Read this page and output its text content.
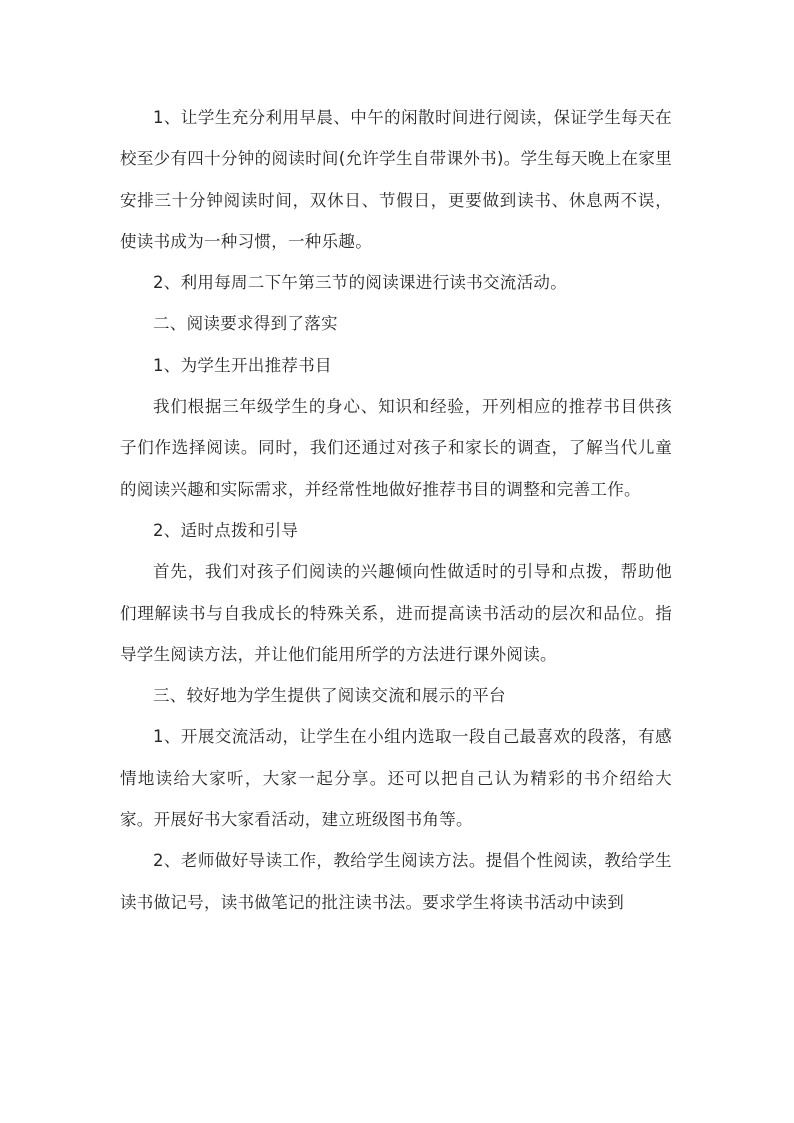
1、让学生充分利用早晨、中午的闲散时间进行阅读，保证学生每天在校至少有四十分钟的阅读时间(允许学生自带课外书)。学生每天晚上在家里安排三十分钟阅读时间，双休日、节假日，更要做到读书、休息两不误，使读书成为一种习惯，一种乐趣。

2、利用每周二下午第三节的阅读课进行读书交流活动。

二、阅读要求得到了落实

1、为学生开出推荐书目

我们根据三年级学生的身心、知识和经验，开列相应的推荐书目供孩子们作选择阅读。同时，我们还通过对孩子和家长的调查，了解当代儿童的阅读兴趣和实际需求，并经常性地做好推荐书目的调整和完善工作。

2、适时点拨和引导

首先，我们对孩子们阅读的兴趣倾向性做适时的引导和点拨，帮助他们理解读书与自我成长的特殊关系，进而提高读书活动的层次和品位。指导学生阅读方法，并让他们能用所学的方法进行课外阅读。

三、较好地为学生提供了阅读交流和展示的平台

1、开展交流活动，让学生在小组内选取一段自己最喜欢的段落，有感情地读给大家听，大家一起分享。还可以把自己认为精彩的书介绍给大家。开展好书大家看活动，建立班级图书角等。

2、老师做好导读工作，教给学生阅读方法。提倡个性阅读，教给学生读书做记号，读书做笔记的批注读书法。要求学生将读书活动中读到
